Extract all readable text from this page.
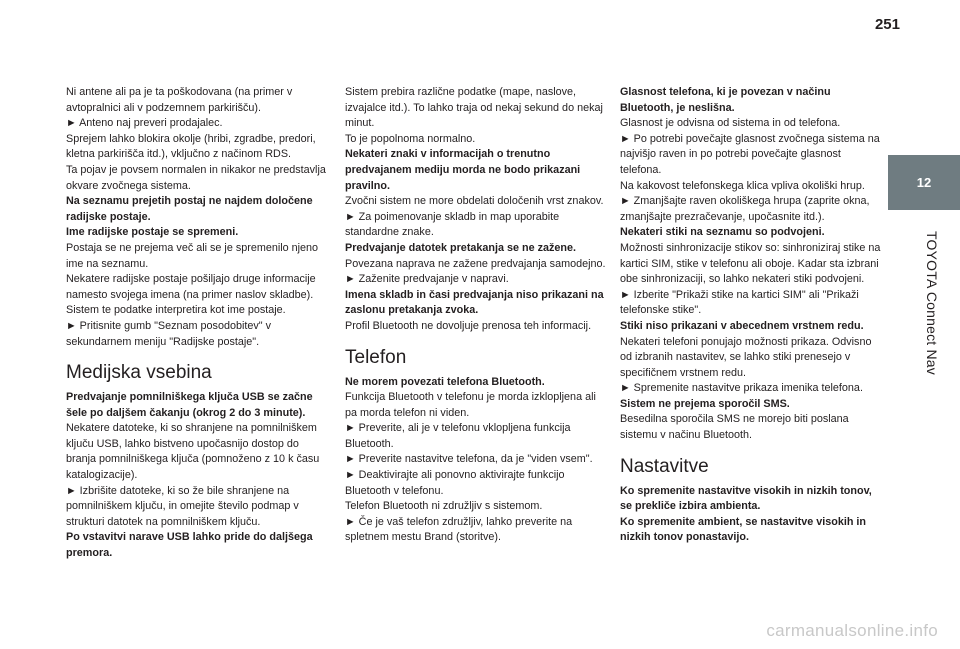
251
12
TOYOTA Connect Nav

Ni antene ali pa je ta poškodovana (na primer v avtopralnici ali v podzemnem parkirišču).

► Anteno naj preveri prodajalec.

Sprejem lahko blokira okolje (hribi, zgradbe, predori, kletna parkirišča itd.), vključno z načinom RDS.

Ta pojav je povsem normalen in nikakor ne predstavlja okvare zvočnega sistema.

Na seznamu prejetih postaj ne najdem določene radijske postaje.

Ime radijske postaje se spremeni.

Postaja se ne prejema več ali se je spremenilo njeno ime na seznamu.

Nekatere radijske postaje pošiljajo druge informacije namesto svojega imena (na primer naslov skladbe).

Sistem te podatke interpretira kot ime postaje.

► Pritisnite gumb "Seznam posodobitev" v sekundarnem meniju "Radijske postaje".

Medijska vsebina

Predvajanje pomnilniškega ključa USB se začne šele po daljšem čakanju (okrog 2 do 3 minute).

Nekatere datoteke, ki so shranjene na pomnilniškem ključu USB, lahko bistveno upočasnijo dostop do branja pomnilniškega ključa (pomnoženo z 10 k času katalogizacije).

► Izbrišite datoteke, ki so že bile shranjene na pomnilniškem ključu, in omejite število podmap v strukturi datotek na pomnilniškem ključu.

Po vstavitvi narave USB lahko pride do daljšega premora.

Sistem prebira različne podatke (mape, naslove, izvajalce itd.). To lahko traja od nekaj sekund do nekaj minut.

To je popolnoma normalno.

Nekateri znaki v informacijah o trenutno predvajanem mediju morda ne bodo prikazani pravilno.

Zvočni sistem ne more obdelati določenih vrst znakov.

► Za poimenovanje skladb in map uporabite standardne znake.

Predvajanje datotek pretakanja se ne zažene.

Povezana naprava ne zažene predvajanja samodejno.

► Zaženite predvajanje v napravi.

Imena skladb in časi predvajanja niso prikazani na zaslonu pretakanja zvoka.

Profil Bluetooth ne dovoljuje prenosa teh informacij.

Telefon

Ne morem povezati telefona Bluetooth.

Funkcija Bluetooth v telefonu je morda izklopljena ali pa morda telefon ni viden.

► Preverite, ali je v telefonu vklopljena funkcija Bluetooth.

► Preverite nastavitve telefona, da je "viden vsem".

► Deaktivirajte ali ponovno aktivirajte funkcijo Bluetooth v telefonu.

Telefon Bluetooth ni združljiv s sistemom.

► Če je vaš telefon združljiv, lahko preverite na spletnem mestu Brand (storitve).

Glasnost telefona, ki je povezan v načinu Bluetooth, je neslišna.

Glasnost je odvisna od sistema in od telefona.

► Po potrebi povečajte glasnost zvočnega sistema na najvišjo raven in po potrebi povečajte glasnost telefona.

Na kakovost telefonskega klica vpliva okoliški hrup.

► Zmanjšajte raven okoliškega hrupa (zaprite okna, zmanjšajte prezračevanje, upočasnite itd.).

Nekateri stiki na seznamu so podvojeni.

Možnosti sinhronizacije stikov so: sinhroniziraj stike na kartici SIM, stike v telefonu ali oboje. Kadar sta izbrani obe sinhronizaciji, so lahko nekateri stiki podvojeni.

► Izberite "Prikaži stike na kartici SIM" ali "Prikaži telefonske stike".

Stiki niso prikazani v abecednem vrstnem redu.

Nekateri telefoni ponujajo možnosti prikaza. Odvisno od izbranih nastavitev, se lahko stiki prenesejo v specifičnem vrstnem redu.

► Spremenite nastavitve prikaza imenika telefona.

Sistem ne prejema sporočil SMS.

Besedilna sporočila SMS ne morejo biti poslana sistemu v načinu Bluetooth.

Nastavitve

Ko spremenite nastavitve visokih in nizkih tonov, se prekliče izbira ambienta.

Ko spremenite ambient, se nastavitve visokih in nizkih tonov ponastavijo.

carmanualsonline.info
